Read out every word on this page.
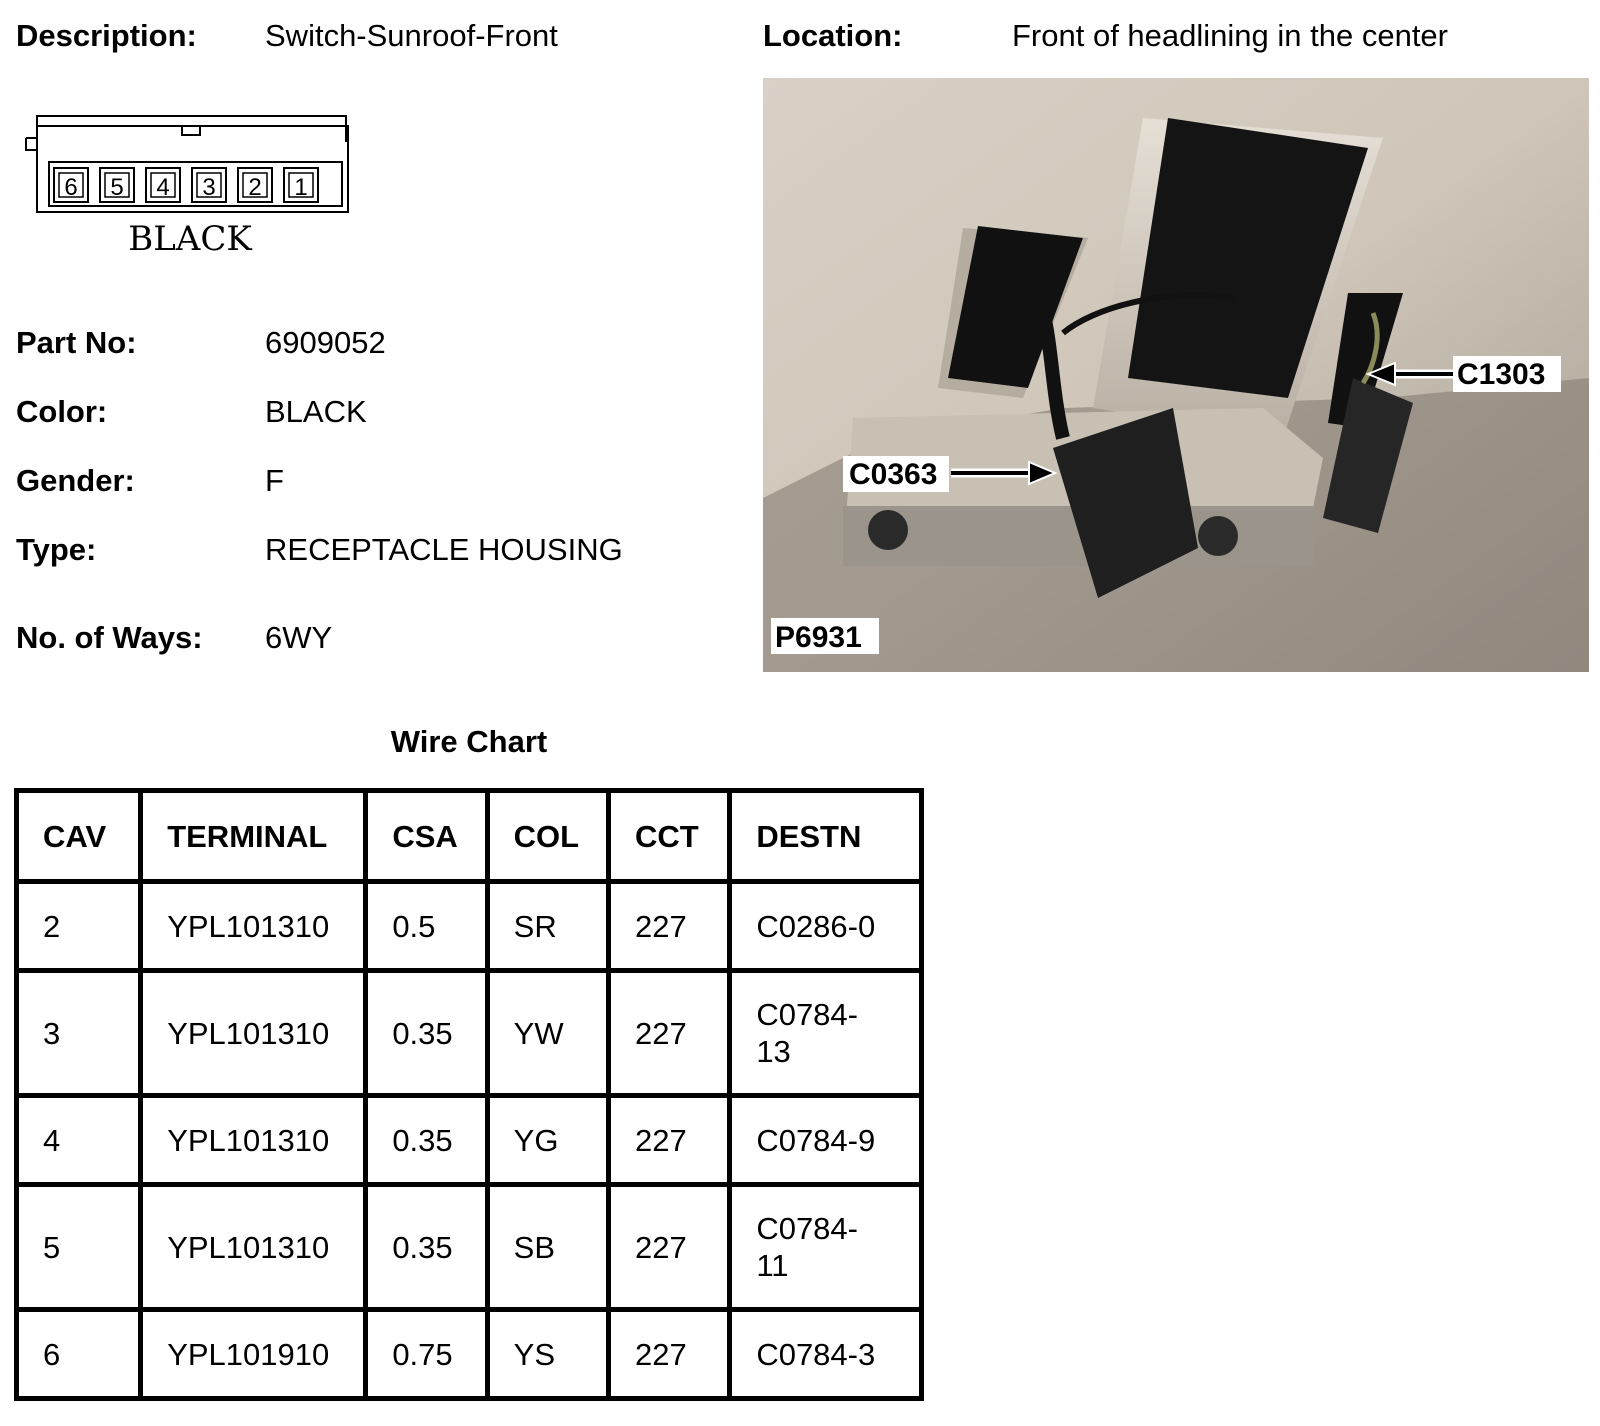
Description: Switch-Sunroof-Front	Location:	Front of headlining in the center
6 5 4 3 2 1
BLACK
Part No:	6909052
Color:	BLACK
Gender:	F
Type:	RECEPTACLE HOUSING
No. of Ways: 6WY
C0363
C1303
P6931
Wire Chart
CAV	TERMINAL	CSA	COL	CCT	DESTN
2	YPL101310	0.5	SR	227	C0286-0
3	YPL101310	0.35	YW	227	C0784-13
4	YPL101310	0.35	YG	227	C0784-9
5	YPL101310	0.35	SB	227	C0784-11
6	YPL101910	0.75	YS	227	C0784-3
